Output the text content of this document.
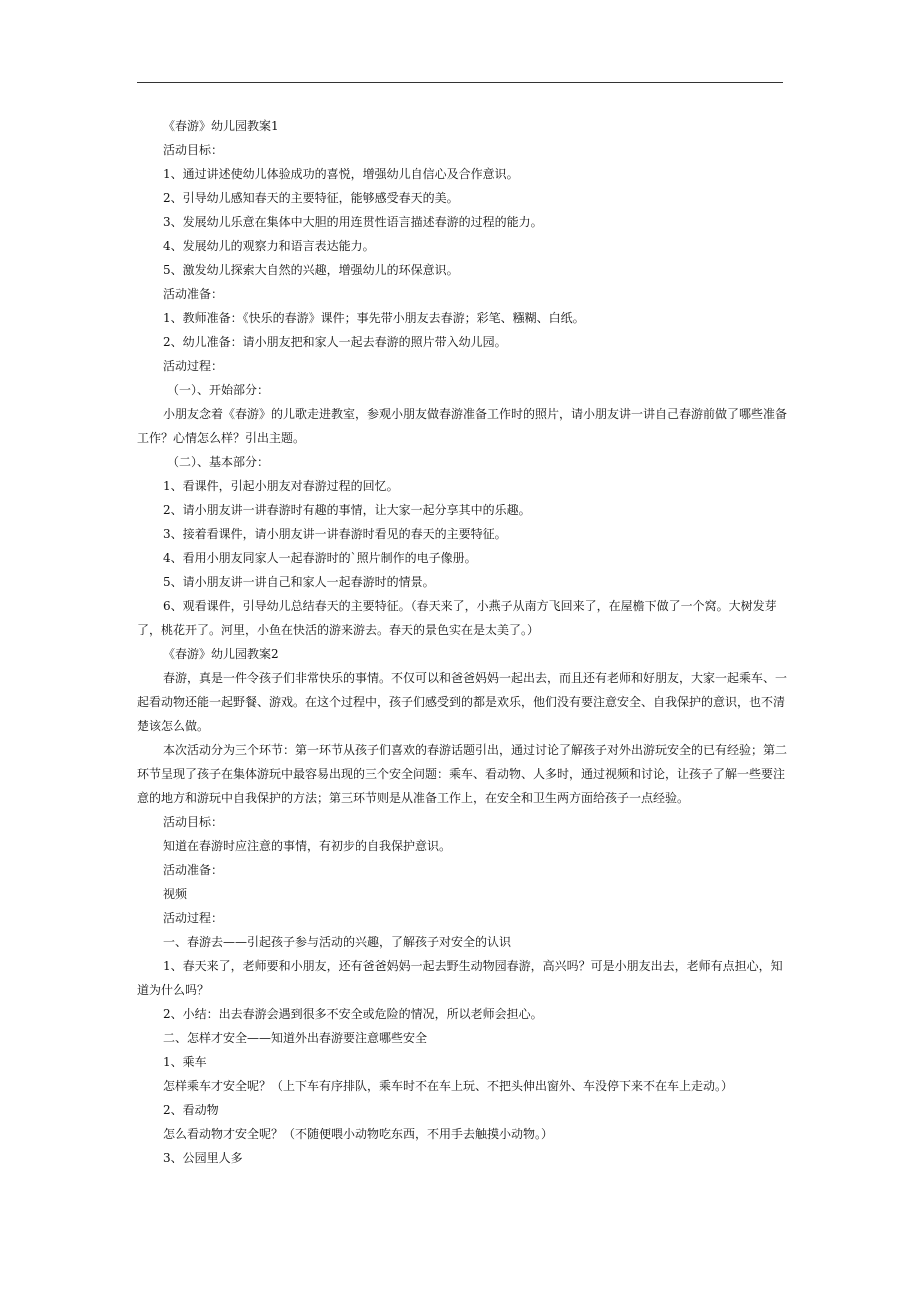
《春游》幼儿园教案1

活动目标：

1、通过讲述使幼儿体验成功的喜悦，增强幼儿自信心及合作意识。

2、引导幼儿感知春天的主要特征，能够感受春天的美。

3、发展幼儿乐意在集体中大胆的用连贯性语言描述春游的过程的能力。

4、发展幼儿的观察力和语言表达能力。

5、激发幼儿探索大自然的兴趣，增强幼儿的环保意识。

活动准备：

1、教师准备：《快乐的春游》课件；事先带小朋友去春游；彩笔、糨糊、白纸。

2、幼儿准备：请小朋友把和家人一起去春游的照片带入幼儿园。

活动过程：

（一）、开始部分：

小朋友念着《春游》的儿歌走进教室，参观小朋友做春游准备工作时的照片，请小朋友讲一讲自己春游前做了哪些准备工作？心情怎么样？引出主题。

（二）、基本部分：

1、看课件，引起小朋友对春游过程的回忆。

2、请小朋友讲一讲春游时有趣的事情，让大家一起分享其中的乐趣。

3、接着看课件，请小朋友讲一讲春游时看见的春天的主要特征。

4、看用小朋友同家人一起春游时的`照片制作的电子像册。

5、请小朋友讲一讲自己和家人一起春游时的情景。

6、观看课件，引导幼儿总结春天的主要特征。（春天来了，小燕子从南方飞回来了，在屋檐下做了一个窝。大树发芽了，桃花开了。河里，小鱼在快活的游来游去。春天的景色实在是太美了。）

《春游》幼儿园教案2

春游，真是一件令孩子们非常快乐的事情。不仅可以和爸爸妈妈一起出去，而且还有老师和好朋友，大家一起乘车、一起看动物还能一起野餐、游戏。在这个过程中，孩子们感受到的都是欢乐，他们没有要注意安全、自我保护的意识，也不清楚该怎么做。

本次活动分为三个环节：第一环节从孩子们喜欢的春游话题引出，通过讨论了解孩子对外出游玩安全的已有经验；第二环节呈现了孩子在集体游玩中最容易出现的三个安全问题：乘车、看动物、人多时，通过视频和讨论，让孩子了解一些要注意的地方和游玩中自我保护的方法；第三环节则是从准备工作上，在安全和卫生两方面给孩子一点经验。

活动目标：

知道在春游时应注意的事情，有初步的自我保护意识。

活动准备：

视频

活动过程：

一、春游去——引起孩子参与活动的兴趣，了解孩子对安全的认识

1、春天来了，老师要和小朋友，还有爸爸妈妈一起去野生动物园春游，高兴吗？可是小朋友出去，老师有点担心，知道为什么吗？

2、小结：出去春游会遇到很多不安全或危险的情况，所以老师会担心。

二、怎样才安全——知道外出春游要注意哪些安全

1、乘车

怎样乘车才安全呢？（上下车有序排队，乘车时不在车上玩、不把头伸出窗外、车没停下来不在车上走动。）

2、看动物

怎么看动物才安全呢？（不随便喂小动物吃东西，不用手去触摸小动物。）

3、公园里人多
